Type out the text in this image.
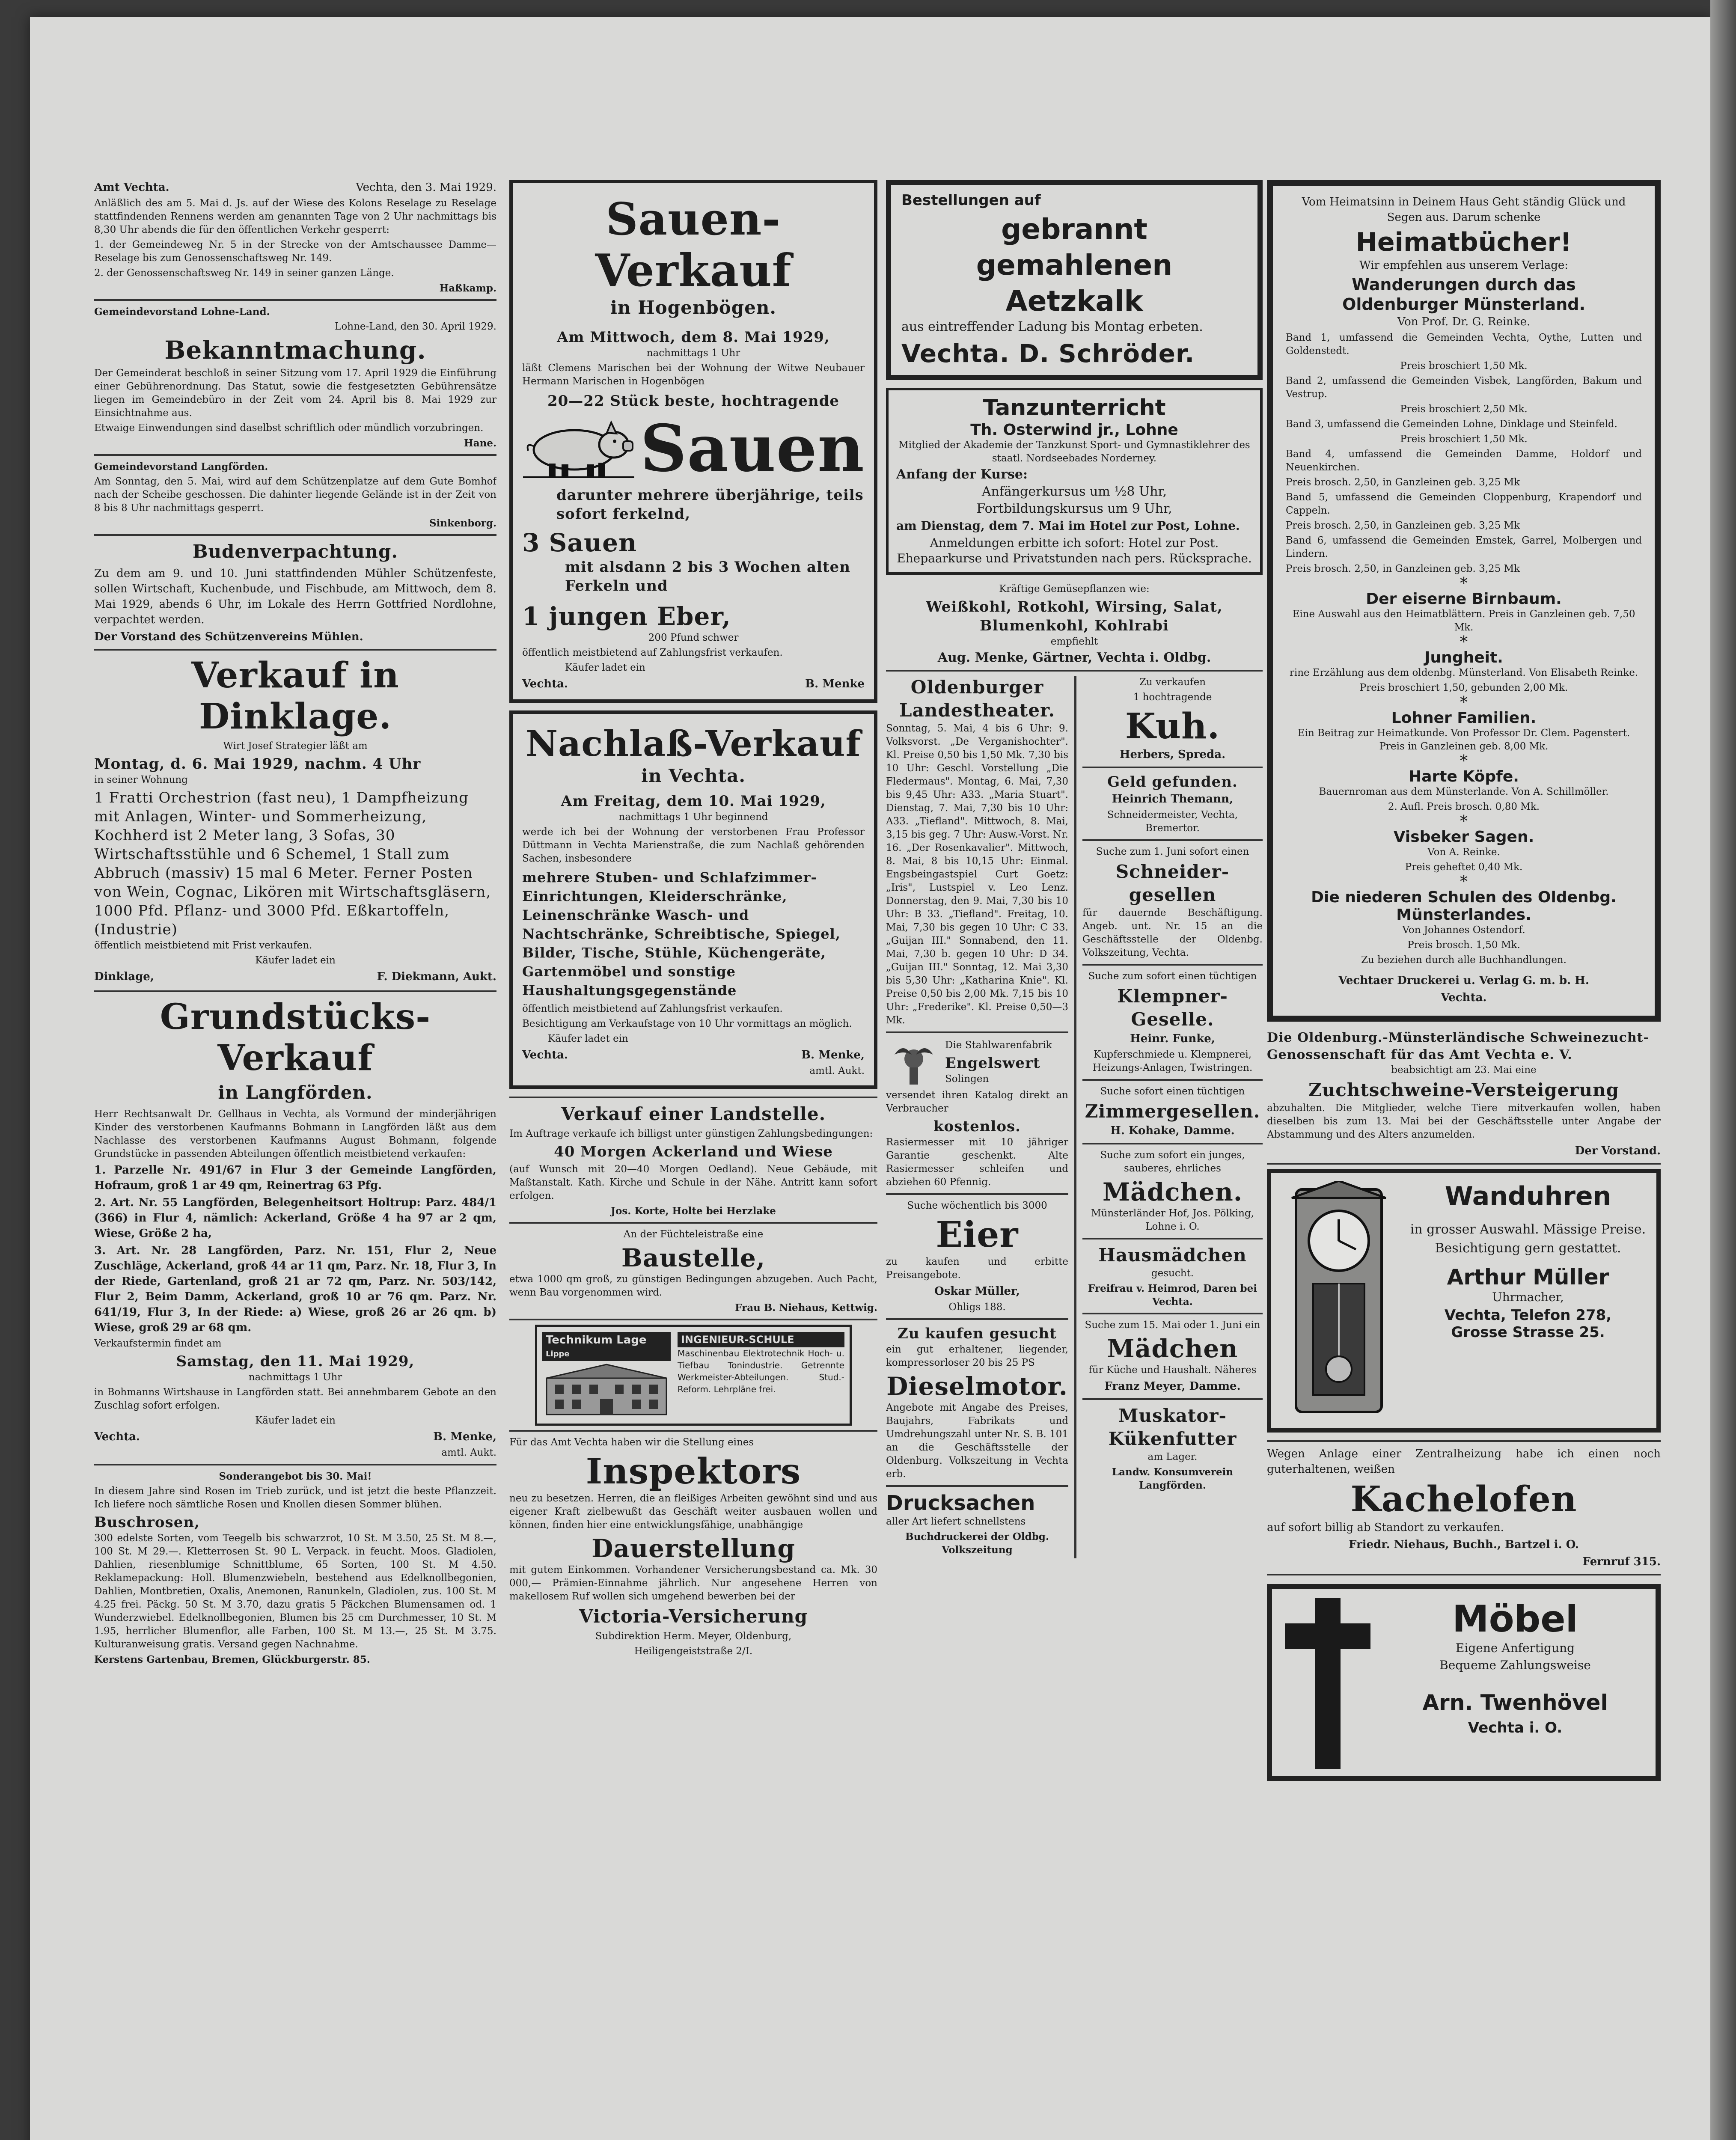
Amt Vechta.	Vechta, den 3. Mai 1929.

Anläßlich des am 5. Mai d. Js. auf der Wiese des Kolons Reselage zu Reselage stattfindenden Rennens werden am genannten Tage von 2 Uhr nachmittags bis 8,30 Uhr abends die für den öffentlichen Verkehr gesperrt:

1. der Gemeindeweg Nr. 5 in der Strecke von der Amtschaussee Damme—Reselage bis zum Genossenschaftsweg Nr. 149.

2. der Genossenschaftsweg Nr. 149 in seiner ganzen Länge.

Haßkamp.

Gemeindevorstand Lohne-Land.

Lohne-Land, den 30. April 1929.

Bekanntmachung.

Der Gemeinderat beschloß in seiner Sitzung vom 17. April 1929 die Einführung einer Gebührenordnung. Das Statut, sowie die festgesetzten Gebührensätze liegen im Gemeindebüro in der Zeit vom 24. April bis 8. Mai 1929 zur Einsichtnahme aus.

Etwaige Einwendungen sind daselbst schriftlich oder mündlich vorzubringen.

Hane.

Gemeindevorstand Langförden.

Am Sonntag, den 5. Mai, wird auf dem Schützenplatze auf dem Gute Bomhof nach der Scheibe geschossen. Die dahinter liegende Gelände ist in der Zeit von 8 bis 8 Uhr nachmittags gesperrt.

Sinkenborg.

Budenverpachtung.

Zu dem am 9. und 10. Juni stattfindenden Mühler Schützenfeste, sollen Wirtschaft, Kuchenbude, und Fischbude, am Mittwoch, dem 8. Mai 1929, abends 6 Uhr, im Lokale des Herrn Gottfried Nordlohne, verpachtet werden.

Der Vorstand des Schützenvereins Mühlen.

Verkauf in Dinklage.

Wirt Josef Strategier läßt am

Montag, d. 6. Mai 1929, nachm. 4 Uhr

in seiner Wohnung

1 Fratti Orchestrion (fast neu), 1 Dampfheizung mit Anlagen, Winter- und Sommerheizung, Kochherd ist 2 Meter lang, 3 Sofas, 30 Wirtschaftsstühle und 6 Schemel, 1 Stall zum Abbruch (massiv) 15 mal 6 Meter. Ferner Posten von Wein, Cognac, Likören mit Wirtschaftsgläsern, 1000 Pfd. Pflanz- und 3000 Pfd. Eßkartoffeln, (Industrie)

öffentlich meistbietend mit Frist verkaufen.

Käufer ladet ein

Dinklage,	F. Diekmann, Aukt.

Grundstücks-Verkauf

in Langförden.

Herr Rechtsanwalt Dr. Gellhaus in Vechta, als Vormund der minderjährigen Kinder des verstorbenen Kaufmanns Bohmann in Langförden läßt aus dem Nachlasse des verstorbenen Kaufmanns August Bohmann, folgende Grundstücke in passenden Abteilungen öffentlich meistbietend verkaufen:

1. Parzelle Nr. 491/67 in Flur 3 der Gemeinde Langförden, Hofraum, groß 1 ar 49 qm, Reinertrag 63 Pfg.

2. Art. Nr. 55 Langförden, Belegenheitsort Holtrup: Parz. 484/1 (366) in Flur 4, nämlich: Ackerland, Größe 4 ha 97 ar 2 qm, Wiese, Größe 2 ha,

3. Art. Nr. 28 Langförden, Parz. Nr. 151, Flur 2, Neue Zuschläge, Ackerland, groß 44 ar 11 qm, Parz. Nr. 18, Flur 3, In der Riede, Gartenland, groß 21 ar 72 qm, Parz. Nr. 503/142, Flur 2, Beim Damm, Ackerland, groß 10 ar 76 qm. Parz. Nr. 641/19, Flur 3, In der Riede: a) Wiese, groß 26 ar 26 qm. b) Wiese, groß 29 ar 68 qm.

Verkaufstermin findet am

Samstag, den 11. Mai 1929,

nachmittags 1 Uhr

in Bohmanns Wirtshause in Langförden statt. Bei annehmbarem Gebote an den Zuschlag sofort erfolgen.

Käufer ladet ein

Vechta.	B. Menke,

amtl. Aukt.

Sonderangebot bis 30. Mai!

In diesem Jahre sind Rosen im Trieb zurück, und ist jetzt die beste Pflanzzeit. Ich liefere noch sämtliche Rosen und Knollen diesen Sommer blühen.

Buschrosen,

300 edelste Sorten, vom Teegelb bis schwarzrot, 10 St. M 3.50, 25 St. M 8.—, 100 St. M 29.—. Kletterrosen St. 90 L. Verpack. in feucht. Moos. Gladiolen, Dahlien, riesenblumige Schnittblume, 65 Sorten, 100 St. M 4.50. Reklamepackung: Holl. Blumenzwiebeln, bestehend aus Edelknollbegonien, Dahlien, Montbretien, Oxalis, Anemonen, Ranunkeln, Gladiolen, zus. 100 St. M 4.25 frei. Päckg. 50 St. M 3.70, dazu gratis 5 Päckchen Blumensamen od. 1 Wunderzwiebel. Edelknollbegonien, Blumen bis 25 cm Durchmesser, 10 St. M 1.95, herrlicher Blumenflor, alle Farben, 100 St. M 13.—, 25 St. M 3.75. Kulturanweisung gratis. Versand gegen Nachnahme.

Kerstens Gartenbau, Bremen, Glückburgerstr. 85.

Sauen-Verkauf

in Hogenbögen.

Am Mittwoch, dem 8. Mai 1929,

nachmittags 1 Uhr

läßt Clemens Marischen bei der Wohnung der Witwe Neubauer Hermann Marischen in Hogenbögen

20—22 Stück beste, hochtragende

Sauen

darunter mehrere überjährige, teils sofort ferkelnd,

3 Sauen

mit alsdann 2 bis 3 Wochen alten Ferkeln und

1 jungen Eber,

200 Pfund schwer

öffentlich meistbietend auf Zahlungsfrist verkaufen.

Käufer ladet ein

Vechta.	B. Menke

Nachlaß-Verkauf

in Vechta.

Am Freitag, dem 10. Mai 1929,

nachmittags 1 Uhr beginnend

werde ich bei der Wohnung der verstorbenen Frau Professor Düttmann in Vechta Marienstraße, die zum Nachlaß gehörenden Sachen, insbesondere

mehrere Stuben- und Schlafzimmer-Einrichtungen, Kleiderschränke, Leinenschränke Wasch- und Nachtschränke, Schreibtische, Spiegel, Bilder, Tische, Stühle, Küchengeräte, Gartenmöbel und sonstige Haushaltungsgegenstände

öffentlich meistbietend auf Zahlungsfrist verkaufen.

Besichtigung am Verkaufstage von 10 Uhr vormittags an möglich.

Käufer ladet ein

Vechta.	B. Menke,

amtl. Aukt.

Verkauf einer Landstelle.

Im Auftrage verkaufe ich billigst unter günstigen Zahlungsbedingungen:

40 Morgen Ackerland und Wiese

(auf Wunsch mit 20—40 Morgen Oedland). Neue Gebäude, mit Maßtanstalt. Kath. Kirche und Schule in der Nähe. Antritt kann sofort erfolgen.

Jos. Korte, Holte bei Herzlake

An der Füchteleistraße eine

Baustelle,

etwa 1000 qm groß, zu günstigen Bedingungen abzugeben. Auch Pacht, wenn Bau vorgenommen wird.

Frau B. Niehaus, Kettwig.

Technikum Lage Lippe
INGENIEUR-SCHULE

Maschinenbau Elektrotechnik Hoch- u. Tiefbau Tonindustrie. Getrennte Werkmeister-Abteilungen. Stud.-Reform. Lehrpläne frei.

Für das Amt Vechta haben wir die Stellung eines

Inspektors

neu zu besetzen. Herren, die an fleißiges Arbeiten gewöhnt sind und aus eigener Kraft zielbewußt das Geschäft weiter ausbauen wollen und können, finden hier eine entwicklungsfähige, unabhängige

Dauerstellung

mit gutem Einkommen. Vorhandener Versicherungsbestand ca. Mk. 30 000,— Prämien-Einnahme jährlich. Nur angesehene Herren von makellosem Ruf wollen sich umgehend bewerben bei der

Victoria-Versicherung

Subdirektion Herm. Meyer, Oldenburg,

Heiligengeiststraße 2/I.

Bestellungen auf

gebrannt

gemahlenen

Aetzkalk

aus eintreffender Ladung bis Montag erbeten.

Vechta. D. Schröder.

Tanzunterricht

Th. Osterwind jr., Lohne

Mitglied der Akademie der Tanzkunst Sport- und Gymnastiklehrer des staatl. Nordseebades Norderney.

Anfang der Kurse:

Anfängerkursus um ½8 Uhr,

Fortbildungskursus um 9 Uhr,

am Dienstag, dem 7. Mai im Hotel zur Post, Lohne.

Anmeldungen erbitte ich sofort: Hotel zur Post. Ehepaarkurse und Privatstunden nach pers. Rücksprache.

Kräftige Gemüsepflanzen wie:

Weißkohl, Rotkohl, Wirsing, Salat, Blumenkohl, Kohlrabi

empfiehlt

Aug. Menke, Gärtner, Vechta i. Oldbg.

Oldenburger Landestheater.

Sonntag, 5. Mai, 4 bis 6 Uhr: 9. Volksvorst. „De Verganishochter". Kl. Preise 0,50 bis 1,50 Mk. 7,30 bis 10 Uhr: Geschl. Vorstellung „Die Fledermaus". Montag, 6. Mai, 7,30 bis 9,45 Uhr: A33. „Maria Stuart". Dienstag, 7. Mai, 7,30 bis 10 Uhr: A33. „Tiefland". Mittwoch, 8. Mai, 3,15 bis geg. 7 Uhr: Ausw.-Vorst. Nr. 16. „Der Rosenkavalier". Mittwoch, 8. Mai, 8 bis 10,15 Uhr: Einmal. Engsbeingastspiel Curt Goetz: „Iris", Lustspiel v. Leo Lenz. Donnerstag, den 9. Mai, 7,30 bis 10 Uhr: B 33. „Tiefland". Freitag, 10. Mai, 7,30 bis gegen 10 Uhr: C 33. „Guijan III." Sonnabend, den 11. Mai, 7,30 b. gegen 10 Uhr: D 34. „Guijan III." Sonntag, 12. Mai 3,30 bis 5,30 Uhr: „Katharina Knie". Kl. Preise 0,50 bis 2,00 Mk. 7,15 bis 10 Uhr: „Frederike". Kl. Preise 0,50—3 Mk.

Die Stahlwarenfabrik

Engelswert

Solingen

versendet ihren Katalog direkt an Verbraucher

kostenlos.

Rasiermesser mit 10 jähriger Garantie geschenkt. Alte Rasiermesser schleifen und abziehen 60 Pfennig.

Suche wöchentlich bis 3000

Eier

zu kaufen und erbitte Preisangebote.

Oskar Müller,

Ohligs 188.

Zu kaufen gesucht

ein gut erhaltener, liegender, kompressorloser 20 bis 25 PS

Dieselmotor.

Angebote mit Angabe des Preises, Baujahrs, Fabrikats und Umdrehungszahl unter Nr. S. B. 101 an die Geschäftsstelle der Oldenburg. Volkszeitung in Vechta erb.

Drucksachen

aller Art liefert schnellstens

Buchdruckerei der Oldbg. Volkszeitung

Zu verkaufen

1 hochtragende

Kuh.

Herbers, Spreda.

Geld gefunden.

Heinrich Themann,

Schneidermeister, Vechta, Bremertor.

Suche zum 1. Juni sofort einen

Schneider-gesellen

für dauernde Beschäftigung. Angeb. unt. Nr. 15 an die Geschäftsstelle der Oldenbg. Volkszeitung, Vechta.

Suche zum sofort einen tüchtigen

Klempner-Geselle.

Heinr. Funke,

Kupferschmiede u. Klempnerei, Heizungs-Anlagen, Twistringen.

Suche sofort einen tüchtigen

Zimmergesellen.

H. Kohake, Damme.

Suche zum sofort ein junges, sauberes, ehrliches

Mädchen.

Münsterländer Hof, Jos. Pölking, Lohne i. O.

Hausmädchen

gesucht.

Freifrau v. Heimrod, Daren bei Vechta.

Suche zum 15. Mai oder 1. Juni ein

Mädchen

für Küche und Haushalt. Näheres

Franz Meyer, Damme.

Muskator-Kükenfutter

am Lager.

Landw. Konsumverein Langförden.

Vom Heimatsinn in Deinem Haus Geht ständig Glück und Segen aus. Darum schenke

Heimatbücher!

Wir empfehlen aus unserem Verlage:

Wanderungen durch das

Oldenburger Münsterland.

Von Prof. Dr. G. Reinke.

Band 1, umfassend die Gemeinden Vechta, Oythe, Lutten und Goldenstedt.

Preis broschiert 1,50 Mk.

Band 2, umfassend die Gemeinden Visbek, Langförden, Bakum und Vestrup.

Preis broschiert 2,50 Mk.

Band 3, umfassend die Gemeinden Lohne, Dinklage und Steinfeld.

Preis broschiert 1,50 Mk.

Band 4, umfassend die Gemeinden Damme, Holdorf und Neuenkirchen.

Preis brosch. 2,50, in Ganzleinen geb. 3,25 Mk

Band 5, umfassend die Gemeinden Cloppenburg, Krapendorf und Cappeln.

Preis brosch. 2,50, in Ganzleinen geb. 3,25 Mk

Band 6, umfassend die Gemeinden Emstek, Garrel, Molbergen und Lindern.

Preis brosch. 2,50, in Ganzleinen geb. 3,25 Mk

*

Der eiserne Birnbaum.

Eine Auswahl aus den Heimatblättern. Preis in Ganzleinen geb. 7,50 Mk.

*

Jungheit.

rine Erzählung aus dem oldenbg. Münsterland. Von Elisabeth Reinke.

Preis broschiert 1,50, gebunden 2,00 Mk.

*

Lohner Familien.

Ein Beitrag zur Heimatkunde. Von Professor Dr. Clem. Pagenstert. Preis in Ganzleinen geb. 8,00 Mk.

*

Harte Köpfe.

Bauernroman aus dem Münsterlande. Von A. Schillmöller.

2. Aufl. Preis brosch. 0,80 Mk.

*

Visbeker Sagen.

Von A. Reinke.

Preis geheftet 0,40 Mk.

*

Die niederen Schulen des Oldenbg. Münsterlandes.

Von Johannes Ostendorf.

Preis brosch. 1,50 Mk.

Zu beziehen durch alle Buchhandlungen.

Vechtaer Druckerei u. Verlag G. m. b. H.

Vechta.

Die Oldenburg.-Münsterländische Schweinezucht-Genossenschaft für das Amt Vechta e. V.

beabsichtigt am 23. Mai eine

Zuchtschweine-Versteigerung

abzuhalten. Die Mitglieder, welche Tiere mitverkaufen wollen, haben dieselben bis zum 13. Mai bei der Geschäftsstelle unter Angabe der Abstammung und des Alters anzumelden.

Der Vorstand.

Wanduhren

in grosser Auswahl. Mässige Preise. Besichtigung gern gestattet.

Arthur Müller

Uhrmacher,

Vechta, Telefon 278,

Grosse Strasse 25.

Wegen Anlage einer Zentralheizung habe ich einen noch guterhaltenen, weißen

Kachelofen

auf sofort billig ab Standort zu verkaufen.

Friedr. Niehaus, Buchh., Bartzel i. O.

Fernruf 315.

Möbel

Eigene Anfertigung

Bequeme Zahlungsweise

Arn. Twenhövel

Vechta i. O.
